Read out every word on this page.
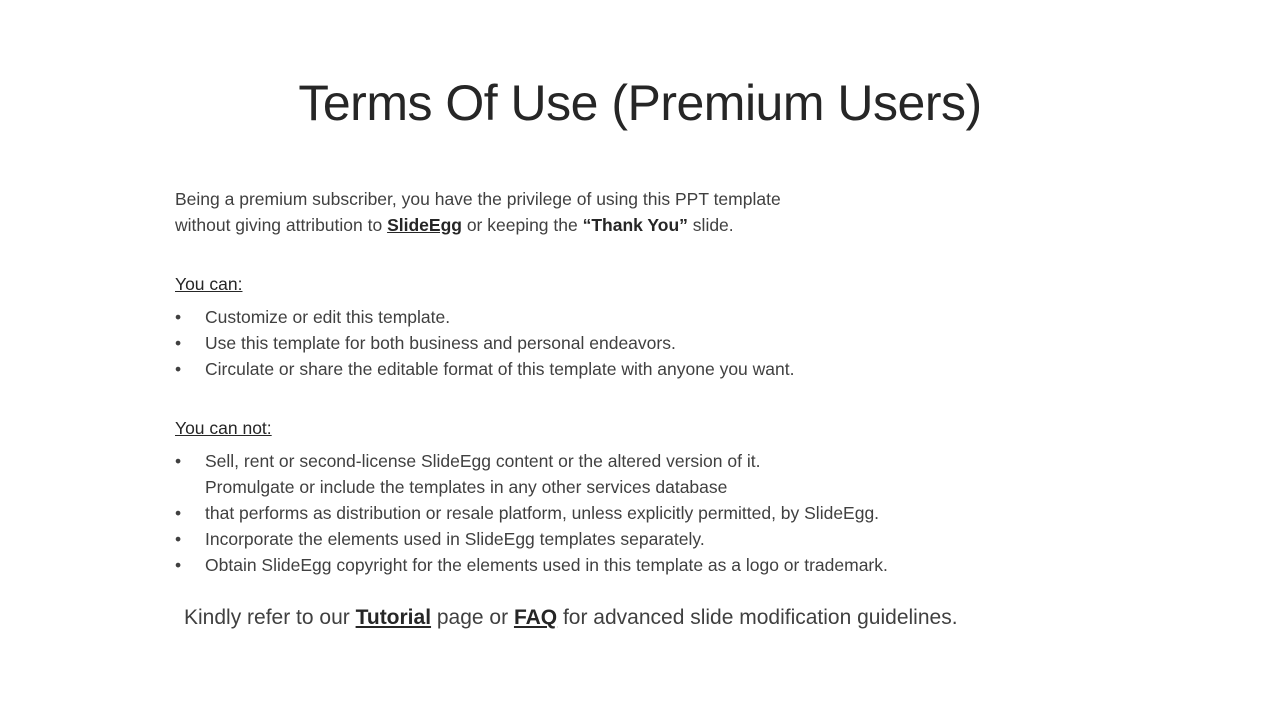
Terms Of Use (Premium Users)

Being a premium subscriber, you have the privilege of using this PPT template

without giving attribution to SlideEgg or keeping the “Thank You” slide.

You can:

• Customize or edit this template.
• Use this template for both business and personal endeavors.
• Circulate or share the editable format of this template with anyone you want.

You can not:

• Sell, rent or second-license SlideEgg content or the altered version of it.
Promulgate or include the templates in any other services database
• that performs as distribution or resale platform, unless explicitly permitted, by SlideEgg.
• Incorporate the elements used in SlideEgg templates separately.
• Obtain SlideEgg copyright for the elements used in this template as a logo or trademark.
Kindly refer to our Tutorial page or FAQ for advanced slide modification guidelines.
